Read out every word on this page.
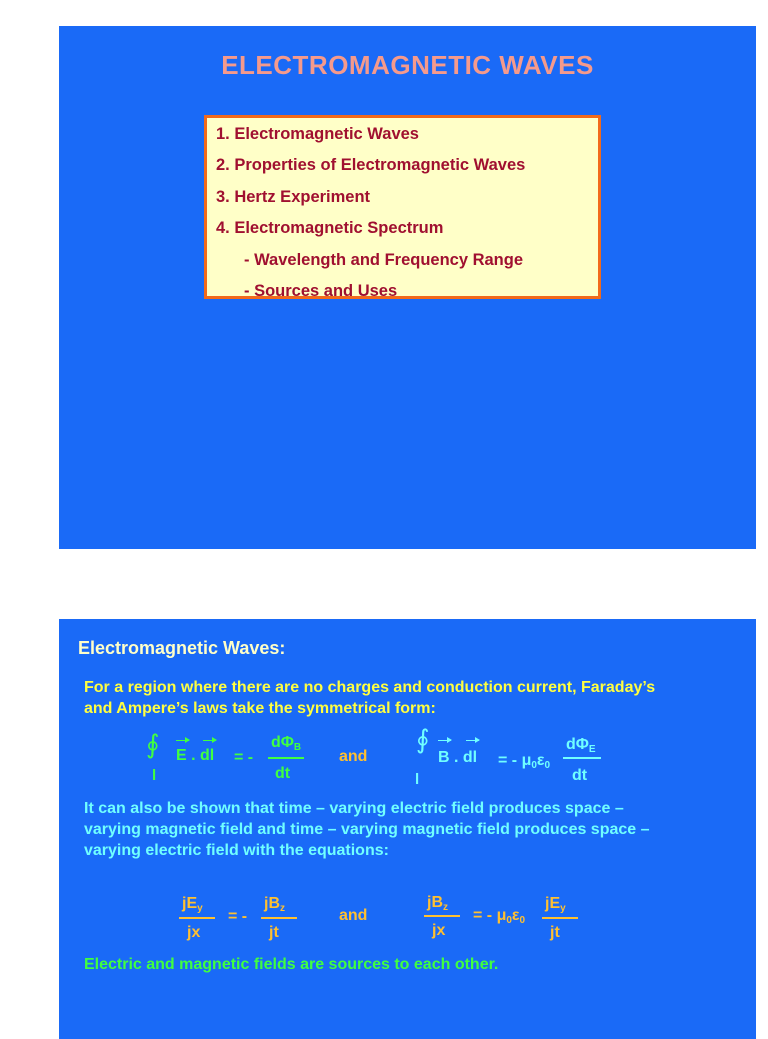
ELECTROMAGNETIC WAVES
1. Electromagnetic Waves
2. Properties of Electromagnetic Waves
3. Hertz Experiment
4. Electromagnetic Spectrum
- Wavelength and Frequency Range
- Sources and Uses
Electromagnetic Waves:
For a region where there are no charges and conduction current, Faraday’s
and Ampere’s laws take the symmetrical form:
∮
l
E . dl = -
$d\Phi_B$
dt
and
∮
l
B . dl = - $\mu_0\varepsilon_0$
$d\Phi_E$
dt
It can also be shown that time – varying electric field produces space –
varying magnetic field and time – varying magnetic field produces space –
varying electric field with the equations:
$jE_y$
jx
= -
$jB_z$
jt
and
$jB_z$
jx
= - $\mu_0\varepsilon_0$
$jE_y$
jt
Electric and magnetic fields are sources to each other.
